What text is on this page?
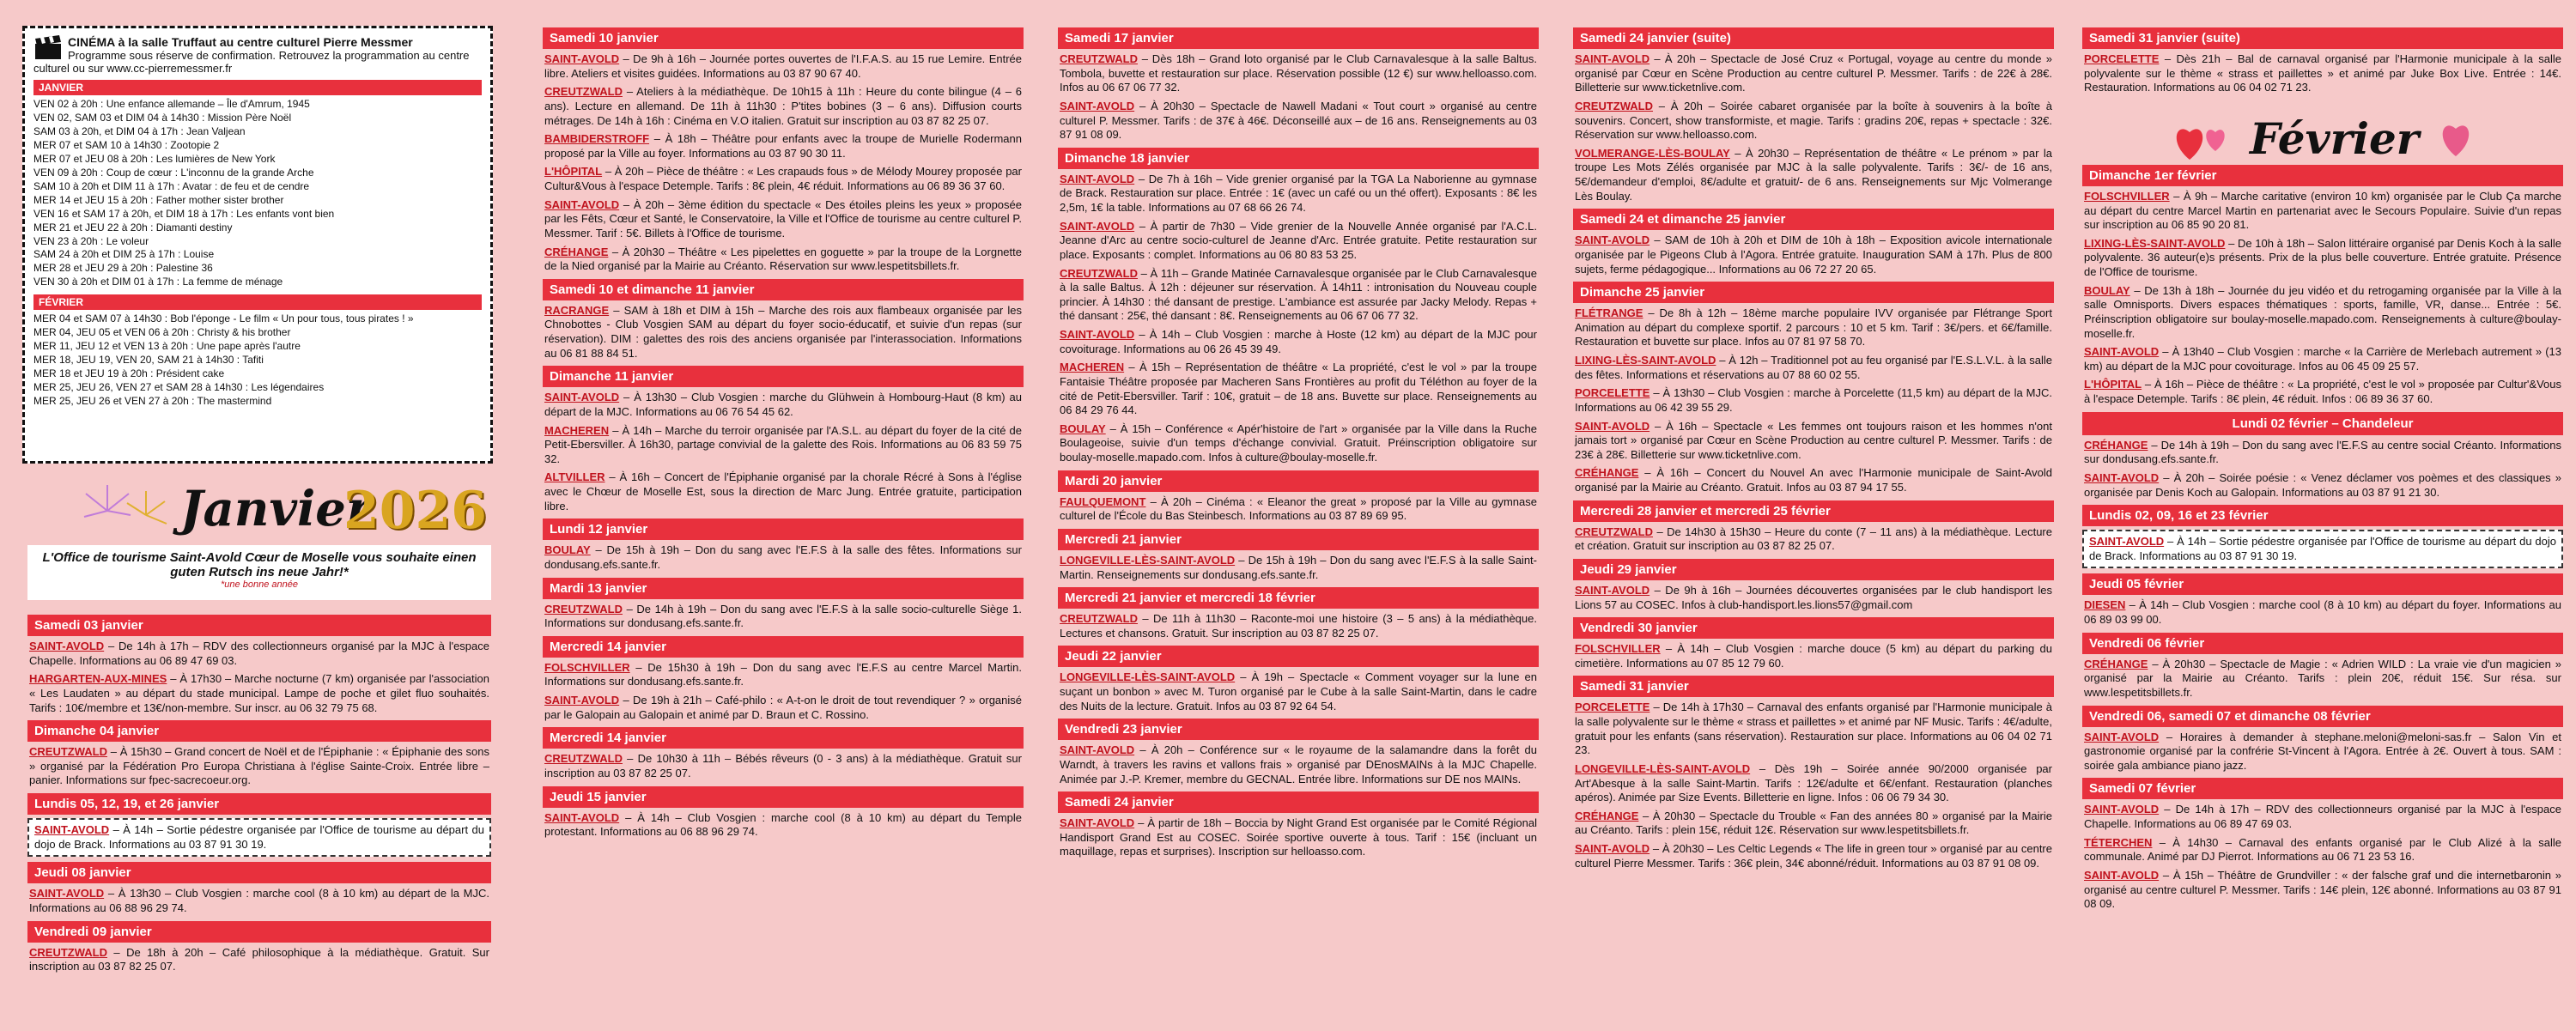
CINÉMA à la salle Truffaut au centre culturel Pierre Messmer
Programme sous réserve de confirmation. Retrouvez la programmation au centre culturel ou sur www.cc-pierremessmer.fr
JANVIER
VEN 02 à 20h : Une enfance allemande – Île d'Amrum, 1945
VEN 02, SAM 03 et DIM 04 à 14h30 : Mission Père Noël
SAM 03 à 20h, et DIM 04 à 17h : Jean Valjean
MER 07 et SAM 10 à 14h30 : Zootopie 2
MER 07 et JEU 08 à 20h : Les lumières de New York
VEN 09 à 20h : Coup de cœur : L'inconnu de la grande Arche
SAM 10 à 20h et DIM 11 à 17h : Avatar : de feu et de cendre
MER 14 et JEU 15 à 20h : Father mother sister brother
VEN 16 et SAM 17 à 20h, et DIM 18 à 17h : Les enfants vont bien
MER 21 et JEU 22 à 20h : Diamanti destiny
VEN 23 à 20h : Le voleur
SAM 24 à 20h et DIM 25 à 17h : Louise
MER 28 et JEU 29 à 20h : Palestine 36
VEN 30 à 20h et DIM 01 à 17h : La femme de ménage
FÉVRIER
MER 04 et SAM 07 à 14h30 : Bob l'éponge - Le film « Un pour tous, tous pirates ! »
MER 04, JEU 05 et VEN 06 à 20h : Christy & his brother
MER 11, JEU 12 et VEN 13 à 20h : Une pape après l'autre
MER 18, JEU 19, VEN 20, SAM 21 à 14h30 : Tafiti
MER 18 et JEU 19 à 20h : Président cake
MER 25, JEU 26, VEN 27 et SAM 28 à 14h30 : Les légendaires
MER 25, JEU 26 et VEN 27 à 20h : The mastermind
Janvier
2026
L'Office de tourisme Saint-Avold Cœur de Moselle vous souhaite einen guten Rutsch ins neue Jahr!*
*une bonne année
Samedi 03 janvier
SAINT-AVOLD – De 14h à 17h – RDV des collectionneurs organisé par la MJC à l'espace Chapelle. Informations au 06 89 47 69 03.
HARGARTEN-AUX-MINES – À 17h30 – Marche nocturne (7 km) organisée par l'association « Les Laudaten » au départ du stade municipal. Lampe de poche et gilet fluo souhaités. Tarifs : 10€/membre et 13€/non-membre. Sur inscr. au 06 32 79 75 68.
Dimanche 04 janvier
CREUTZWALD – À 15h30 – Grand concert de Noël et de l'Épiphanie : « Épiphanie des sons » organisé par la Fédération Pro Europa Christiana à l'église Sainte-Croix. Entrée libre – panier. Informations sur fpec-sacrecoeur.org.
Lundis 05, 12, 19, et 26 janvier
SAINT-AVOLD – À 14h – Sortie pédestre organisée par l'Office de tourisme au départ du dojo de Brack. Informations au 03 87 91 30 19.
Jeudi 08 janvier
SAINT-AVOLD – À 13h30 – Club Vosgien : marche cool (8 à 10 km) au départ de la MJC. Informations au 06 88 96 29 74.
Vendredi 09 janvier
CREUTZWALD – De 18h à 20h – Café philosophique à la médiathèque. Gratuit. Sur inscription au 03 87 82 25 07.
Samedi 10 janvier
SAINT-AVOLD – De 9h à 16h – Journée portes ouvertes de l'I.F.A.S. au 15 rue Lemire. Entrée libre. Ateliers et visites guidées. Informations au 03 87 90 67 40.
CREUTZWALD – Ateliers à la médiathèque. De 10h15 à 11h : Heure du conte bilingue (4 – 6 ans). Lecture en allemand. De 11h à 11h30 : P'tites bobines (3 – 6 ans). Diffusion courts métrages. De 14h à 16h : Cinéma en V.O italien. Gratuit sur inscription au 03 87 82 25 07.
BAMBIDERSTROFF – À 18h – Théâtre pour enfants avec la troupe de Murielle Rodermann proposé par la Ville au foyer. Informations au 03 87 90 30 11.
L'HÔPITAL – À 20h – Pièce de théâtre : « Les crapauds fous » de Mélody Mourey proposée par Cultur&Vous à l'espace Detemple. Tarifs : 8€ plein, 4€ réduit. Informations au 06 89 36 37 60.
SAINT-AVOLD – À 20h – 3ème édition du spectacle « Des étoiles pleins les yeux » proposée par les Fêts, Cœur et Santé, le Conservatoire, la Ville et l'Office de tourisme au centre culturel P. Messmer. Tarif : 5€. Billets à l'Office de tourisme.
CRÉHANGE – À 20h30 – Théâtre « Les pipelettes en goguette » par la troupe de la Lorgnette de la Nied organisé par la Mairie au Créanto. Réservation sur www.lespetitsbillets.fr.
Samedi 10 et dimanche 11 janvier
RACRANGE – SAM à 18h et DIM à 15h – Marche des rois aux flambeaux organisée par les Chnobottes - Club Vosgien SAM au départ du foyer socio-éducatif, et suivie d'un repas (sur réservation). DIM : galettes des rois des anciens organisée par l'interassociation. Informations au 06 81 88 84 51.
Dimanche 11 janvier
SAINT-AVOLD – À 13h30 – Club Vosgien : marche du Glühwein à Hombourg-Haut (8 km) au départ de la MJC. Informations au 06 76 54 45 62.
MACHEREN – À 14h – Marche du terroir organisée par l'A.S.L. au départ du foyer de la cité de Petit-Ebersviller. À 16h30, partage convivial de la galette des Rois. Informations au 06 83 59 75 32.
ALTVILLER – À 16h – Concert de l'Épiphanie organisé par la chorale Récré à Sons à l'église avec le Chœur de Moselle Est, sous la direction de Marc Jung. Entrée gratuite, participation libre.
Lundi 12 janvier
BOULAY – De 15h à 19h – Don du sang avec l'E.F.S à la salle des fêtes. Informations sur dondusang.efs.sante.fr.
Mardi 13 janvier
CREUTZWALD – De 14h à 19h – Don du sang avec l'E.F.S à la salle socio-culturelle Siège 1. Informations sur dondusang.efs.sante.fr.
Mercredi 14 janvier
FOLSCHVILLER – De 15h30 à 19h – Don du sang avec l'E.F.S au centre Marcel Martin. Informations sur dondusang.efs.sante.fr.
SAINT-AVOLD – De 19h à 21h – Café-philo : « A-t-on le droit de tout revendiquer ? » organisé par le Galopain au Galopain et animé par D. Braun et C. Rossino.
Mercredi 14 janvier
CREUTZWALD – De 10h30 à 11h – Bébés rêveurs (0 - 3 ans) à la médiathèque. Gratuit sur inscription au 03 87 82 25 07.
Jeudi 15 janvier
SAINT-AVOLD – À 14h – Club Vosgien : marche cool (8 à 10 km) au départ du Temple protestant. Informations au 06 88 96 29 74.
Samedi 17 janvier
CREUTZWALD – Dès 18h – Grand loto organisé par le Club Carnavalesque à la salle Baltus. Tombola, buvette et restauration sur place. Réservation possible (12 €) sur www.helloasso.com. Infos au 06 67 06 77 32.
SAINT-AVOLD – À 20h30 – Spectacle de Nawell Madani « Tout court » organisé au centre culturel P. Messmer. Tarifs : de 37€ à 46€. Déconseillé aux – de 16 ans. Renseignements au 03 87 91 08 09.
Dimanche 18 janvier
SAINT-AVOLD – De 7h à 16h – Vide grenier organisé par la TGA La Naborienne au gymnase de Brack. Restauration sur place. Entrée : 1€ (avec un café ou un thé offert). Exposants : 8€ les 2,5m, 1€ la table. Informations au 07 68 66 26 74.
SAINT-AVOLD – À partir de 7h30 – Vide grenier de la Nouvelle Année organisé par l'A.C.L. Jeanne d'Arc au centre socio-culturel de Jeanne d'Arc. Entrée gratuite. Petite restauration sur place. Exposants : complet. Informations au 06 80 83 53 25.
CREUTZWALD – À 11h – Grande Matinée Carnavalesque organisée par le Club Carnavalesque à la salle Baltus. À 12h : déjeuner sur réservation. À 14h11 : intronisation du Nouveau couple princier. À 14h30 : thé dansant de prestige. L'ambiance est assurée par Jacky Melody. Repas + thé dansant : 25€, thé dansant : 8€. Renseignements au 06 67 06 77 32.
SAINT-AVOLD – À 14h – Club Vosgien : marche à Hoste (12 km) au départ de la MJC pour covoiturage. Informations au 06 26 45 39 49.
MACHEREN – À 15h – Représentation de théâtre « La propriété, c'est le vol » par la troupe Fantaisie Théâtre proposée par Macheren Sans Frontières au profit du Téléthon au foyer de la cité de Petit-Ebersviller. Tarif : 10€, gratuit – de 18 ans. Buvette sur place. Renseignements au 06 84 29 76 44.
BOULAY – À 15h – Conférence « Apér'histoire de l'art » organisée par la Ville dans la Ruche Boulageoise, suivie d'un temps d'échange convivial. Gratuit. Préinscription obligatoire sur boulay-moselle.mapado.com. Infos à culture@boulay-moselle.fr.
Mardi 20 janvier
FAULQUEMONT – À 20h – Cinéma : « Eleanor the great » proposé par la Ville au gymnase culturel de l'École du Bas Steinbesch. Informations au 03 87 89 69 95.
Mercredi 21 janvier
LONGEVILLE-LÈS-SAINT-AVOLD – De 15h à 19h – Don du sang avec l'E.F.S à la salle Saint-Martin. Renseignements sur dondusang.efs.sante.fr.
Mercredi 21 janvier et mercredi 18 février
CREUTZWALD – De 11h à 11h30 – Raconte-moi une histoire (3 – 5 ans) à la médiathèque. Lectures et chansons. Gratuit. Sur inscription au 03 87 82 25 07.
Jeudi 22 janvier
LONGEVILLE-LÈS-SAINT-AVOLD – À 19h – Spectacle « Comment voyager sur la lune en suçant un bonbon » avec M. Turon organisé par le Cube à la salle Saint-Martin, dans le cadre des Nuits de la lecture. Gratuit. Infos au 03 87 92 64 54.
Vendredi 23 janvier
SAINT-AVOLD – À 20h – Conférence sur « le royaume de la salamandre dans la forêt du Warndt, à travers les ravins et vallons frais » organisé par DEnosMAINs à la MJC Chapelle. Animée par J.-P. Kremer, membre du GECNAL. Entrée libre. Informations sur DE nos MAINs.
Samedi 24 janvier
SAINT-AVOLD – À partir de 18h – Boccia by Night Grand Est organisée par le Comité Régional Handisport Grand Est au COSEC. Soirée sportive ouverte à tous. Tarif : 15€ (incluant un maquillage, repas et surprises). Inscription sur helloasso.com.
Samedi 24 janvier (suite)
SAINT-AVOLD – À 20h – Spectacle de José Cruz « Portugal, voyage au centre du monde » organisé par Cœur en Scène Production au centre culturel P. Messmer. Tarifs : de 22€ à 28€. Billetterie sur www.ticketnlive.com.
CREUTZWALD – À 20h – Soirée cabaret organisée par la boîte à souvenirs à la boîte à souvenirs. Concert, show transformiste, et magie. Tarifs : gradins 20€, repas + spectacle : 32€. Réservation sur www.helloasso.com.
VOLMERANGE-LÈS-BOULAY – À 20h30 – Représentation de théâtre « Le prénom » par la troupe Les Mots Zélés organisée par MJC à la salle polyvalente. Tarifs : 3€/- de 16 ans, 5€/demandeur d'emploi, 8€/adulte et gratuit/- de 6 ans. Renseignements sur Mjc Volmerange Lès Boulay.
Samedi 24 et dimanche 25 janvier
SAINT-AVOLD – SAM de 10h à 20h et DIM de 10h à 18h – Exposition avicole internationale organisée par le Pigeons Club à l'Agora. Entrée gratuite. Inauguration SAM à 17h. Plus de 800 sujets, ferme pédagogique... Informations au 06 72 27 20 65.
Dimanche 25 janvier
FLÉTRANGE – De 8h à 12h – 18ème marche populaire IVV organisée par Flétrange Sport Animation au départ du complexe sportif. 2 parcours : 10 et 5 km. Tarif : 3€/pers. et 6€/famille. Restauration et buvette sur place. Infos au 07 81 97 58 70.
LIXING-LÈS-SAINT-AVOLD – À 12h – Traditionnel pot au feu organisé par l'E.S.L.V.L. à la salle des fêtes. Informations et réservations au 07 88 60 02 55.
PORCELETTE – À 13h30 – Club Vosgien : marche à Porcelette (11,5 km) au départ de la MJC. Informations au 06 42 39 55 29.
SAINT-AVOLD – À 16h – Spectacle « Les femmes ont toujours raison et les hommes n'ont jamais tort » organisé par Cœur en Scène Production au centre culturel P. Messmer. Tarifs : de 23€ à 28€. Billetterie sur www.ticketnlive.com.
CRÉHANGE – À 16h – Concert du Nouvel An avec l'Harmonie municipale de Saint-Avold organisé par la Mairie au Créanto. Gratuit. Infos au 03 87 94 17 55.
Mercredi 28 janvier et mercredi 25 février
CREUTZWALD – De 14h30 à 15h30 – Heure du conte (7 – 11 ans) à la médiathèque. Lecture et création. Gratuit sur inscription au 03 87 82 25 07.
Jeudi 29 janvier
SAINT-AVOLD – De 9h à 16h – Journées découvertes organisées par le club handisport les Lions 57 au COSEC. Infos à club-handisport.les.lions57@gmail.com
Vendredi 30 janvier
FOLSCHVILLER – À 14h – Club Vosgien : marche douce (5 km) au départ du parking du cimetière. Informations au 07 85 12 79 60.
Samedi 31 janvier
PORCELETTE – De 14h à 17h30 – Carnaval des enfants organisé par l'Harmonie municipale à la salle polyvalente sur le thème « strass et paillettes » et animé par NF Music. Tarifs : 4€/adulte, gratuit pour les enfants (sans réservation). Restauration sur place. Informations au 06 04 02 71 23.
LONGEVILLE-LÈS-SAINT-AVOLD – Dès 19h – Soirée année 90/2000 organisée par Art'Abesque à la salle Saint-Martin. Tarifs : 12€/adulte et 6€/enfant. Restauration (planches apéros). Animée par Size Events. Billetterie en ligne. Infos : 06 06 79 34 30.
CRÉHANGE – À 20h30 – Spectacle du Trouble « Fan des années 80 » organisé par la Mairie au Créanto. Tarifs : plein 15€, réduit 12€. Réservation sur www.lespetitsbillets.fr.
SAINT-AVOLD – À 20h30 – Les Celtic Legends « The life in green tour » organisé par au centre culturel Pierre Messmer. Tarifs : 36€ plein, 34€ abonné/réduit. Informations au 03 87 91 08 09.
Samedi 31 janvier (suite)
PORCELETTE – Dès 21h – Bal de carnaval organisé par l'Harmonie municipale à la salle polyvalente sur le thème « strass et paillettes » et animé par Juke Box Live. Entrée : 14€. Restauration. Informations au 06 04 02 71 23.
Dimanche 1er février
FOLSCHVILLER – À 9h – Marche caritative (environ 10 km) organisée par le Club Ça marche au départ du centre Marcel Martin en partenariat avec le Secours Populaire. Suivie d'un repas sur inscription au 06 85 90 20 81.
LIXING-LÈS-SAINT-AVOLD – De 10h à 18h – Salon littéraire organisé par Denis Koch à la salle polyvalente. 36 auteur(e)s présents. Prix de la plus belle couverture. Entrée gratuite. Présence de l'Office de tourisme.
BOULAY – De 13h à 18h – Journée du jeu vidéo et du retrogaming organisée par la Ville à la salle Omnisports. Divers espaces thématiques : sports, famille, VR, danse... Entrée : 5€. Préinscription obligatoire sur boulay-moselle.mapado.com. Renseignements à culture@boulay-moselle.fr.
SAINT-AVOLD – À 13h40 – Club Vosgien : marche « la Carrière de Merlebach autrement » (13 km) au départ de la MJC pour covoiturage. Infos au 06 45 09 25 57.
L'HÔPITAL – À 16h – Pièce de théâtre : « La propriété, c'est le vol » proposée par Cultur'&Vous à l'espace Detemple. Tarifs : 8€ plein, 4€ réduit. Infos : 06 89 36 37 60.
Lundi 02 février – Chandeleur
CRÉHANGE – De 14h à 19h – Don du sang avec l'E.F.S au centre social Créanto. Informations sur dondusang.efs.sante.fr.
SAINT-AVOLD – À 20h – Soirée poésie : « Venez déclamer vos poèmes et des classiques » organisée par Denis Koch au Galopain. Informations au 03 87 91 21 30.
Lundis 02, 09, 16 et 23 février
SAINT-AVOLD – À 14h – Sortie pédestre organisée par l'Office de tourisme au départ du dojo de Brack. Informations au 03 87 91 30 19.
Jeudi 05 février
DIESEN – À 14h – Club Vosgien : marche cool (8 à 10 km) au départ du foyer. Informations au 06 89 03 99 00.
Vendredi 06 février
CRÉHANGE – À 20h30 – Spectacle de Magie : « Adrien WILD : La vraie vie d'un magicien » organisé par la Mairie au Créanto. Tarifs : plein 20€, réduit 15€. Sur résa. sur www.lespetitsbillets.fr.
Vendredi 06, samedi 07 et dimanche 08 février
SAINT-AVOLD – Horaires à demander à stephane.meloni@meloni-sas.fr – Salon Vin et gastronomie organisé par la confrérie St-Vincent à l'Agora. Entrée à 2€. Ouvert à tous. SAM : soirée gala ambiance piano jazz.
Samedi 07 février
SAINT-AVOLD – De 14h à 17h – RDV des collectionneurs organisé par la MJC à l'espace Chapelle. Informations au 06 89 47 69 03.
TÉTERCHEN – À 14h30 – Carnaval des enfants organisé par le Club Alizé à la salle communale. Animé par DJ Pierrot. Informations au 06 71 23 53 16.
SAINT-AVOLD – À 15h – Théâtre de Grundviller : « der falsche graf und die internetbaronin » organisé au centre culturel P. Messmer. Tarifs : 14€ plein, 12€ abonné. Informations au 03 87 91 08 09.
Février
